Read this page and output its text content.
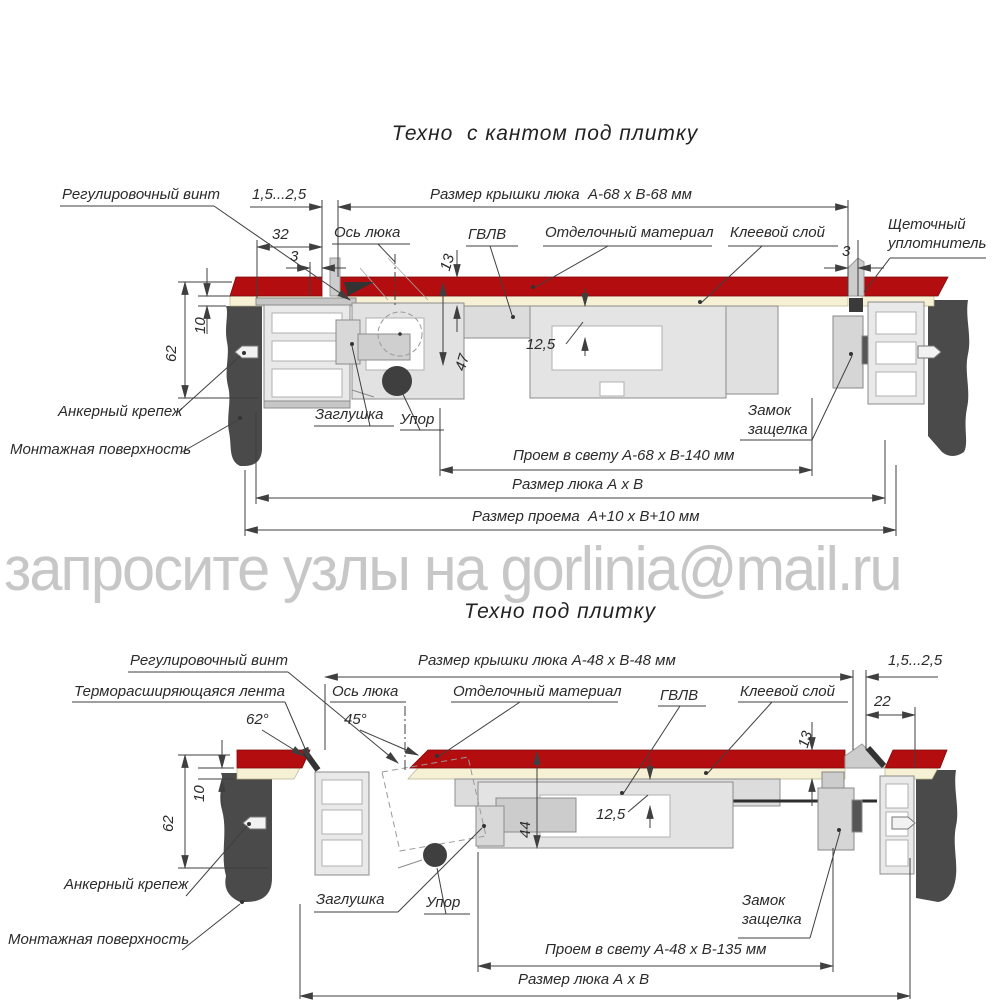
Техно  с кантом под плитку
Регулировочный винт 1,5...2,5	Размер крышки люка  А-68 х В-68 мм
32	Ось люка	ГВЛВ	Отделочный материал Клеевой слой	Щеточный уплотнитель
3	3
13
10
62	47
12,5
Анкерный крепеж
Монтажная поверхность
Заглушка Упор
Замок защелка
Проем в свету А-68 х В-140 мм
Размер люка А х В
Размер проема  А+10 х В+10 мм
запросите узлы на gorlinia@mail.ru
Техно под плитку
Регулировочный винт	Размер крышки люка А-48 х В-48 мм	1,5...2,5
Терморасширяющаяся лента	Ось люка	Отделочный материал	ГВЛВ	Клеевой слой
22
62°	45°
13
10
62	44
12,5
Анкерный крепеж
Монтажная поверхность
Заглушка	Упор	Замок защелка
Проем в свету А-48 х В-135 мм
Размер люка А х В
